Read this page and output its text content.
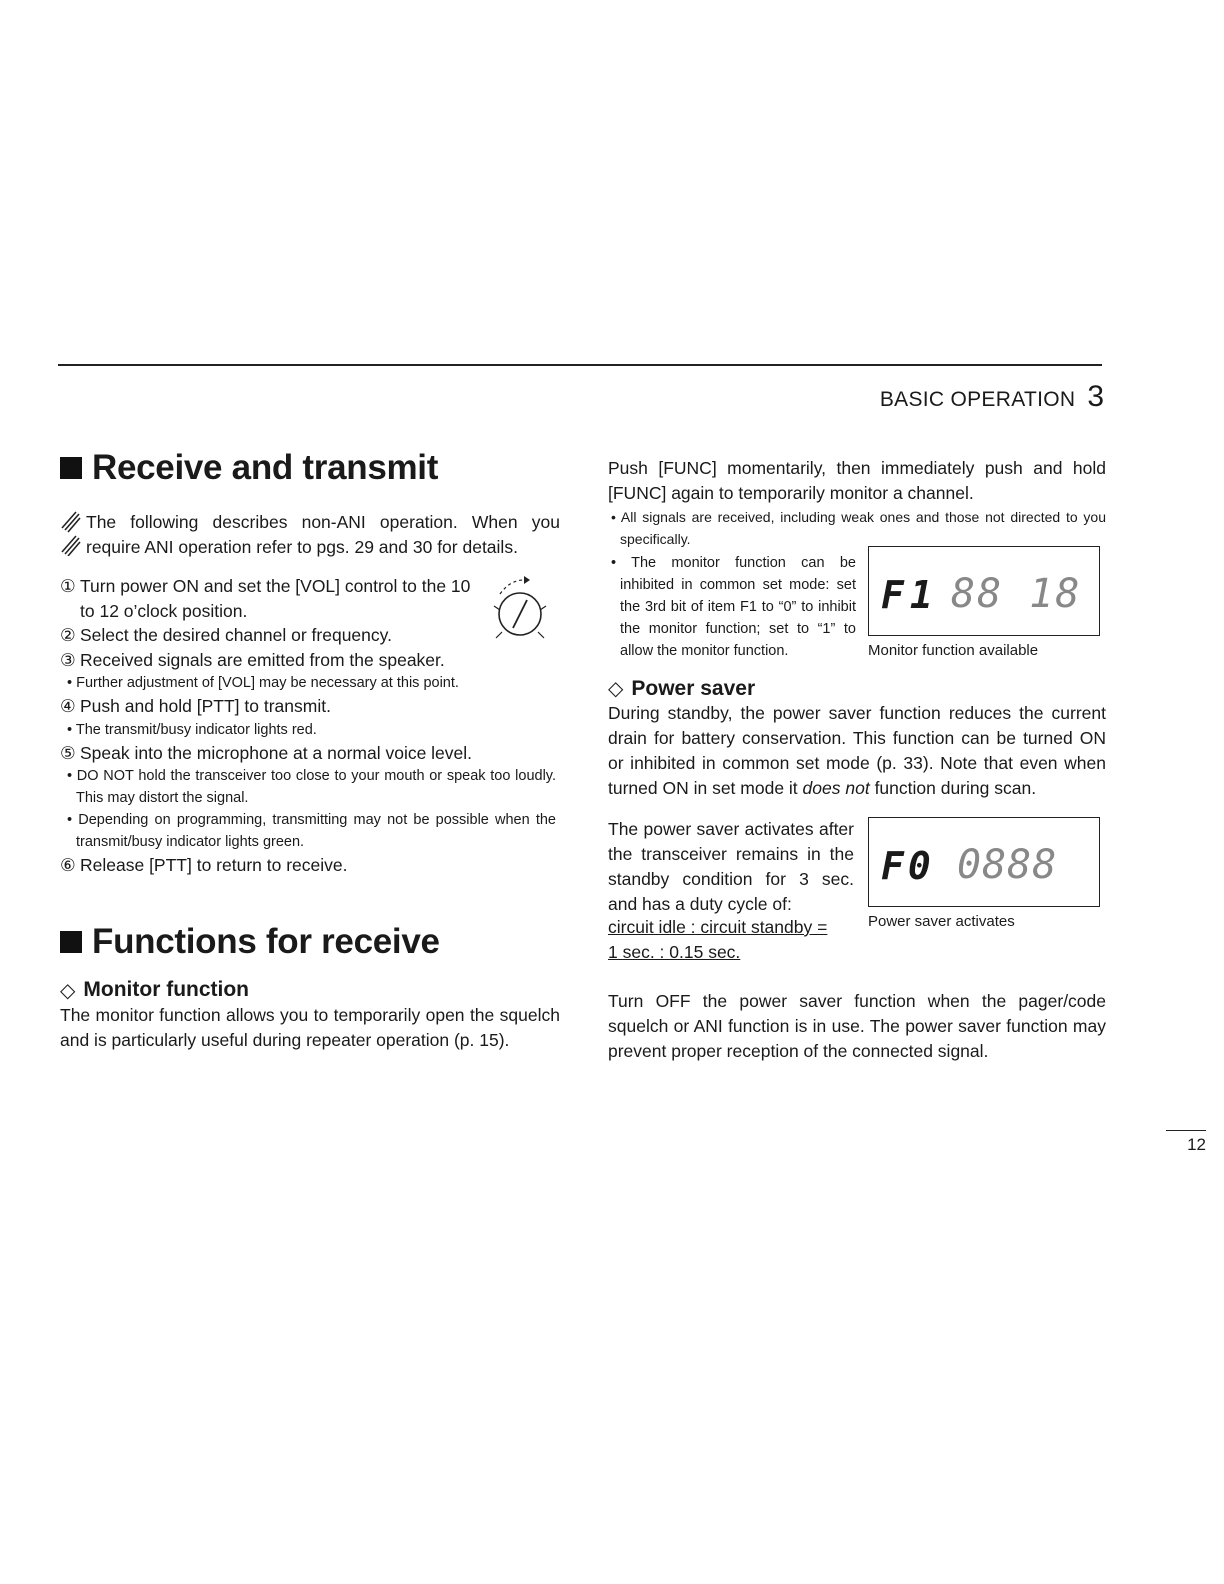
BASIC OPERATION 3
Receive and transmit

The following describes non-ANI operation. When you require ANI operation refer to pgs. 29 and 30 for details.

① Turn power ON and set the [VOL] control to the 10 to 12 o’clock position.
② Select the desired channel or frequency.
③ Received signals are emitted from the speaker.

• Further adjustment of [VOL] may be necessary at this point.

④ Push and hold [PTT] to transmit.

• The transmit/busy indicator lights red.

⑤ Speak into the microphone at a normal voice level.

• DO NOT hold the transceiver too close to your mouth or speak too loudly. This may distort the signal.

• Depending on programming, transmitting may not be possible when the transmit/busy indicator lights green.

⑥ Release [PTT] to return to receive.
Functions for receive
◇ Monitor function

The monitor function allows you to temporarily open the squelch and is particularly useful during repeater operation (p. 15).

Push [FUNC] momentarily, then immediately push and hold [FUNC] again to temporarily monitor a channel.

• All signals are received, including weak ones and those not directed to you specifically.

• The monitor function can be inhibited in common set mode: set the 3rd bit of item F1 to “0” to inhibit the monitor function; set to “1” to allow the monitor function.

F1 88 18

Monitor function available

◇ Power saver

During standby, the power saver function reduces the current drain for battery conservation. This function can be turned ON or inhibited in common set mode (p. 33). Note that even when turned ON in set mode it does not function during scan.

The power saver activates after the transceiver remains in the standby condition for 3 sec. and has a duty cycle of:

circuit idle : circuit standby =

1 sec. : 0.15 sec.

F0 0888

Power saver activates

Turn OFF the power saver function when the pager/code squelch or ANI function is in use. The power saver function may prevent proper reception of the connected signal.

12
